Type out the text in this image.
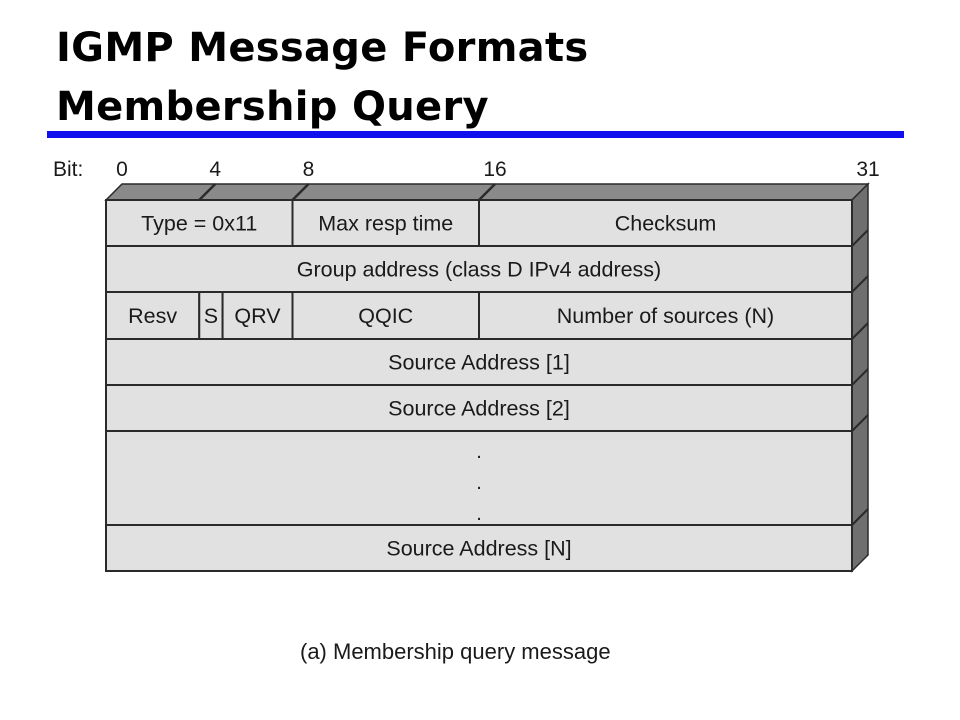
IGMP Message Formats
Membership Query
Type = 0x11	Max resp time	Checksum
Group address (class D IPv4 address)
Resv S QRV	QQIC	Number of sources (N)
Source Address [1]
Source Address [2]
.
.
.
Source Address [N]
Bit: 0	4	8	16	31
(a) Membership query message
